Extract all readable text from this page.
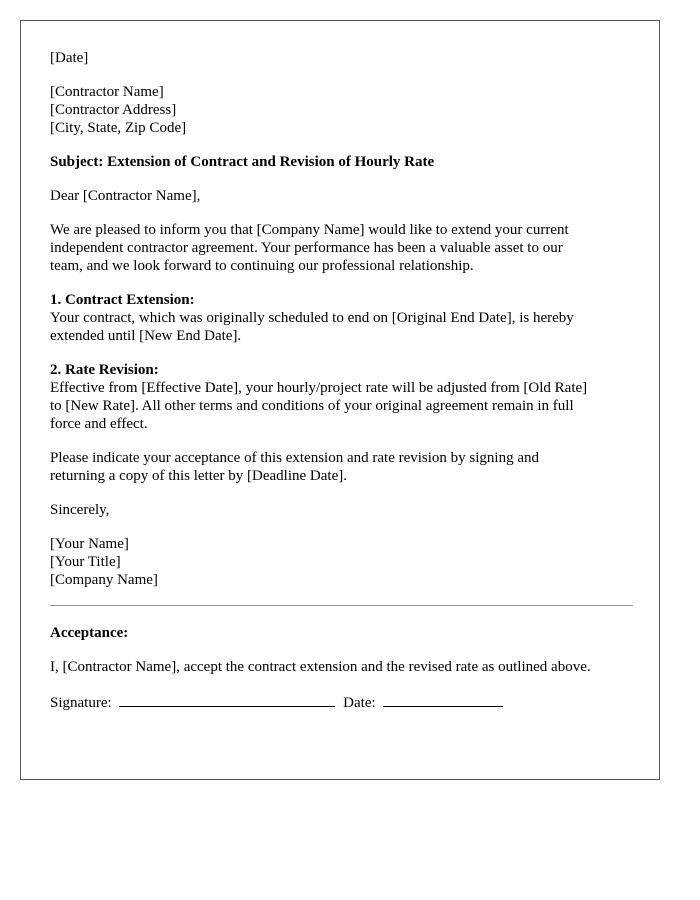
[Date]
[Contractor Name]
[Contractor Address]
[City, State, Zip Code]
Subject: Extension of Contract and Revision of Hourly Rate
Dear [Contractor Name],
We are pleased to inform you that [Company Name] would like to extend your current
independent contractor agreement. Your performance has been a valuable asset to our
team, and we look forward to continuing our professional relationship.
1. Contract Extension:
Your contract, which was originally scheduled to end on [Original End Date], is hereby
extended until [New End Date].
2. Rate Revision:
Effective from [Effective Date], your hourly/project rate will be adjusted from [Old Rate]
to [New Rate]. All other terms and conditions of your original agreement remain in full
force and effect.
Please indicate your acceptance of this extension and rate revision by signing and
returning a copy of this letter by [Deadline Date].
Sincerely,
[Your Name]
[Your Title]
[Company Name]
Acceptance:
I, [Contractor Name], accept the contract extension and the revised rate as outlined above.
Signature:	Date:
